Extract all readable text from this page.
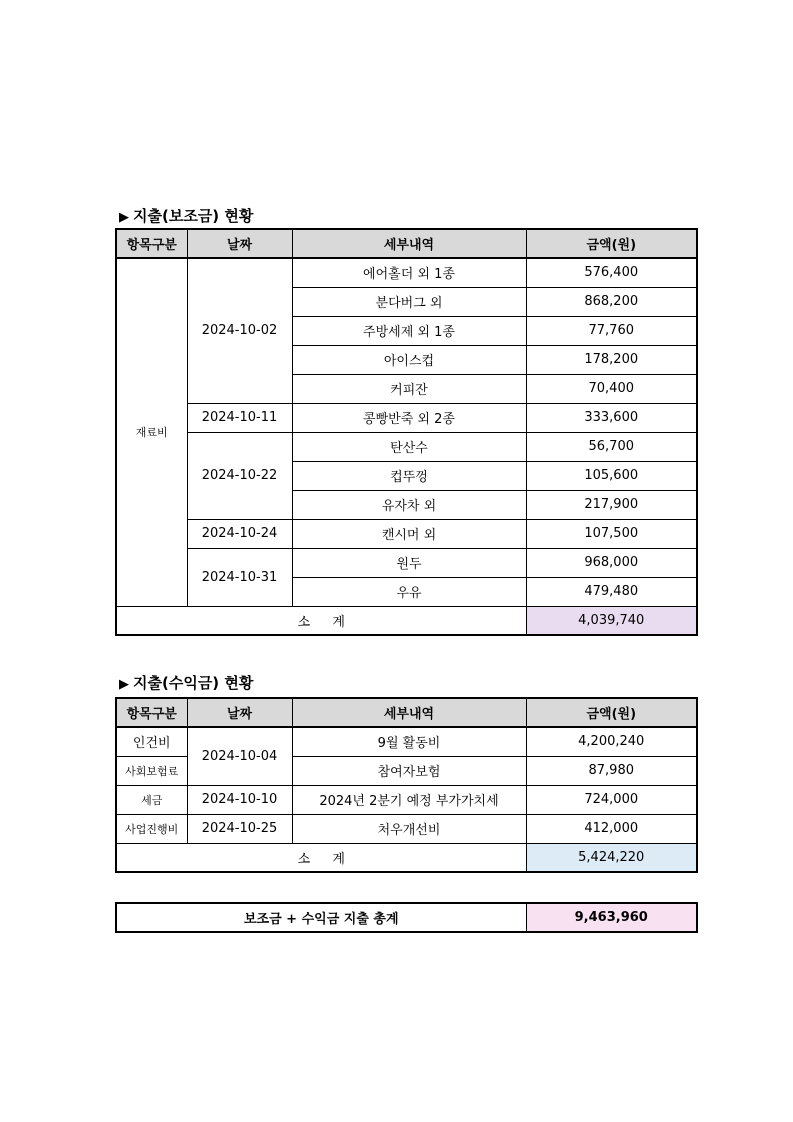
▶ 지출(보조금) 현황
항목구분	날짜	세부내역	금액(원)
재료비	2024-10-02	에어홀더 외 1종	576,400
		분다버그 외	868,200
		주방세제 외 1종	77,760
		아이스컵	178,200
		커피잔	70,400
	2024-10-11	콩빵반죽 외 2종	333,600
	2024-10-22	탄산수	56,700
		컵뚜껑	105,600
		유자차 외	217,900
	2024-10-24	캔시머 외	107,500
	2024-10-31	원두	968,000
		우유	479,480
소 계			4,039,740
▶ 지출(수익금) 현황
항목구분	날짜	세부내역	금액(원)
인건비	2024-10-04	9월 활동비	4,200,240
사회보험료		참여자보험	87,980
세금	2024-10-10	2024년 2분기 예정 부가가치세	724,000
사업진행비	2024-10-25	처우개선비	412,000
소 계			5,424,220
보조금 + 수익금 지출 총계	9,463,960
